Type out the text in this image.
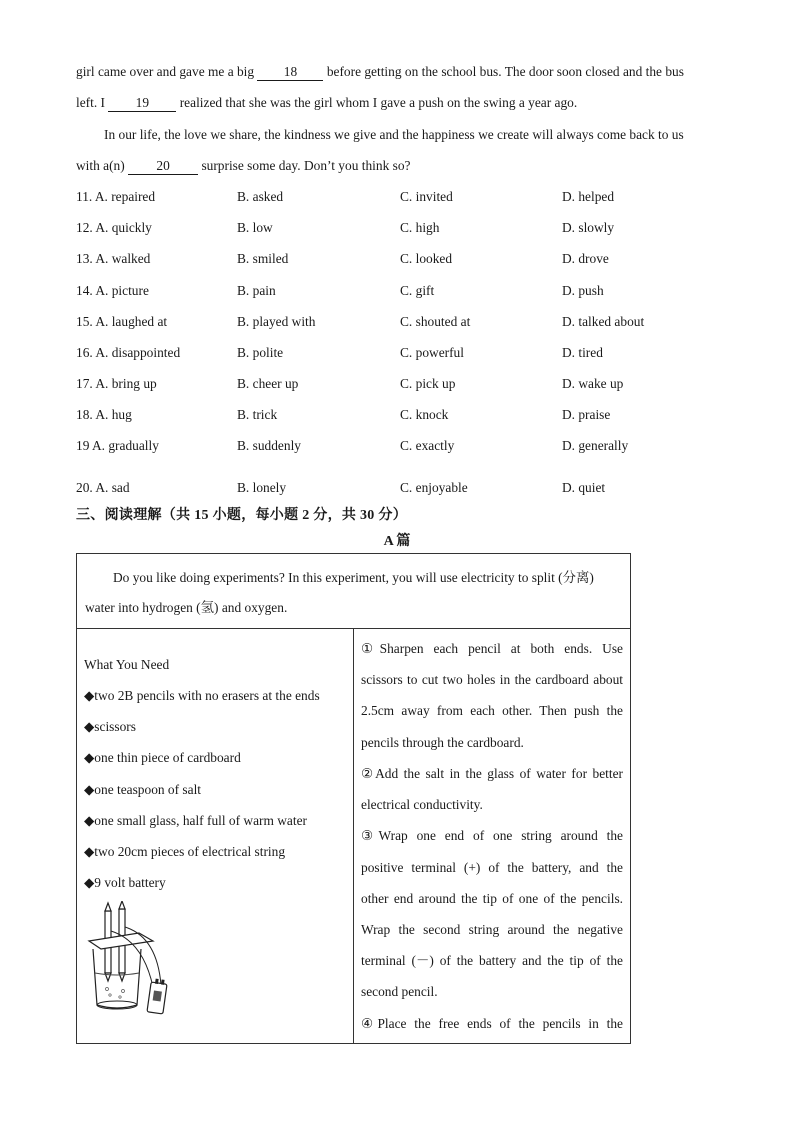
girl came over and gave me a big 18 before getting on the school bus. The door soon closed and the bus
left. I 19 realized that she was the girl whom I gave a push on the swing a year ago.
In our life, the love we share, the kindness we give and the happiness we create will always come back to us
with a(n) 20 surprise some day. Don’t you think so?
11. A. repaired	B. asked	C. invited	D. helped
12. A. quickly	B. low	C. high	D. slowly
13. A. walked	B. smiled	C. looked	D. drove
14. A. picture	B. pain	C. gift	D. push
15. A. laughed at	B. played with	C. shouted at	D. talked about
16. A. disappointed	B. polite	C. powerful	D. tired
17. A. bring up	B. cheer up	C. pick up	D. wake up
18. A. hug	B. trick	C. knock	D. praise
19 A. gradually	B. suddenly	C. exactly	D. generally
20. A. sad	B. lonely	C. enjoyable	D. quiet
三、阅读理解（共 15 小题，每小题 2 分，共 30 分）
A 篇
Do you like doing experiments? In this experiment, you will use electricity to split (分离)
water into hydrogen (氢) and oxygen.
What You Need
◆two 2B pencils with no erasers at the ends
◆scissors
◆one thin piece of cardboard
◆one teaspoon of salt
◆one small glass, half full of warm water
◆two 20cm pieces of electrical string
◆9 volt battery
①Sharpen each pencil at both ends. Use
scissors to cut two holes in the cardboard about
2.5cm away from each other. Then push the
pencils through the cardboard.
②Add the salt in the glass of water for better
electrical conductivity.
③Wrap one end of one string around the
positive terminal (+) of the battery, and the
other end around the tip of one of the pencils.
Wrap the second string around the negative
terminal (－) of the battery and the tip of the
second pencil.
④Place the free ends of the pencils in the
